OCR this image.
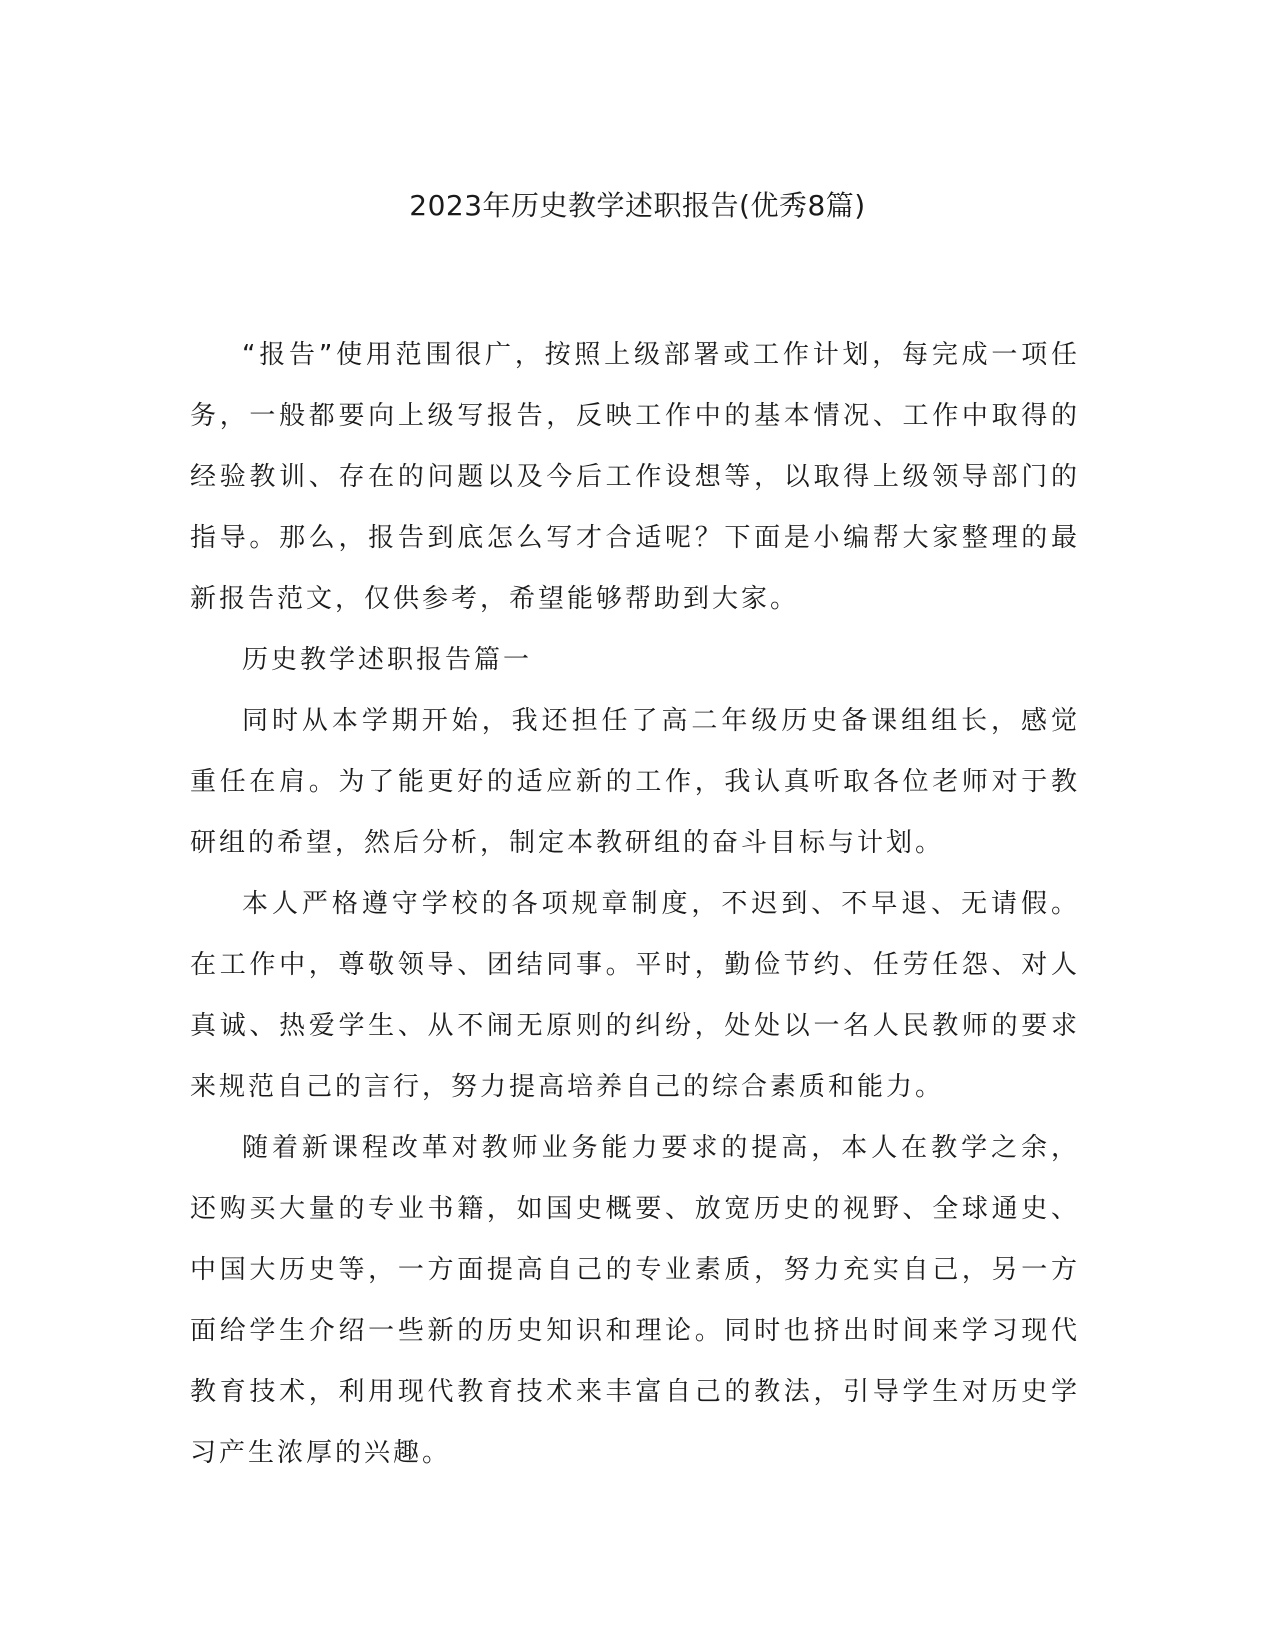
2023年历史教学述职报告(优秀8篇)

“报告”使用范围很广，按照上级部署或工作计划，每完成一项任务，一般都要向上级写报告，反映工作中的基本情况、工作中取得的经验教训、存在的问题以及今后工作设想等，以取得上级领导部门的指导。那么，报告到底怎么写才合适呢？下面是小编帮大家整理的最新报告范文，仅供参考，希望能够帮助到大家。

历史教学述职报告篇一

同时从本学期开始，我还担任了高二年级历史备课组组长，感觉重任在肩。为了能更好的适应新的工作，我认真听取各位老师对于教研组的希望，然后分析，制定本教研组的奋斗目标与计划。

本人严格遵守学校的各项规章制度，不迟到、不早退、无请假。在工作中，尊敬领导、团结同事。平时，勤俭节约、任劳任怨、对人真诚、热爱学生、从不闹无原则的纠纷，处处以一名人民教师的要求来规范自己的言行，努力提高培养自己的综合素质和能力。

随着新课程改革对教师业务能力要求的提高，本人在教学之余，还购买大量的专业书籍，如国史概要、放宽历史的视野、全球通史、中国大历史等，一方面提高自己的专业素质，努力充实自己，另一方面给学生介绍一些新的历史知识和理论。同时也挤出时间来学习现代教育技术，利用现代教育技术来丰富自己的教法，引导学生对历史学习产生浓厚的兴趣。
